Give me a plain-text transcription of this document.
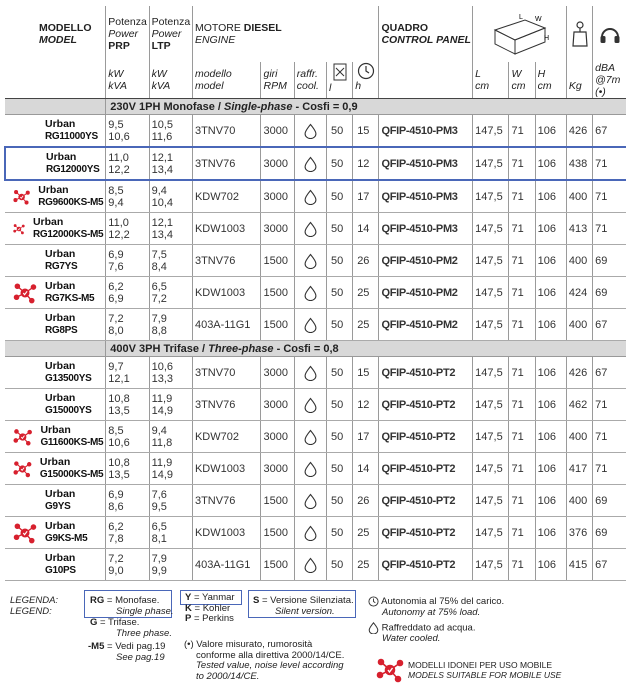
MODELLO
MODEL	Potenza
Power
PRP	Potenza
Power
LTP	MOTORE DIESEL
ENGINE					QUADRO
CONTROL PANEL	L W
H

	kW
kVA	kW
kVA	modello
model	giri
RPM	raffr.
cool.	l	h		L
cm	W
cm	H
cm	Kg	dBA
@7m
(•)
	230V 1PH Monofase / Single-phase - Cosfi = 0,9												

Urban
RG11000YS	9,5
10,6	10,5
11,6	3TNV70	3000		50	15	QFIP-4510-PM3	147,5	71	106	426	67

Urban
RG12000YS	11,0
12,2	12,1
13,4	3TNV76	3000		50	12	QFIP-4510-PM3	147,5	71	106	438	71

Urban
RG9600KS-M5	8,5
9,4	9,4
10,4	KDW702	3000		50	17	QFIP-4510-PM3	147,5	71	106	400	71

Urban
RG12000KS-M5	11,0
12,2	12,1
13,4	KDW1003	3000		50	14	QFIP-4510-PM3	147,5	71	106	413	71

Urban
RG7YS	6,9
7,6	7,5
8,4	3TNV76	1500		50	26	QFIP-4510-PM2	147,5	71	106	400	69

Urban
RG7KS-M5	6,2
6,9	6,5
7,2	KDW1003	1500		50	25	QFIP-4510-PM2	147,5	71	106	424	69

Urban
RG8PS	7,2
8,0	7,9
8,8	403A-11G1	1500		50	25	QFIP-4510-PM2	147,5	71	106	400	67
	400V 3PH Trifase / Three-phase - Cosfi = 0,8												

Urban
G13500YS	9,7
12,1	10,6
13,3	3TNV70	3000		50	15	QFIP-4510-PT2	147,5	71	106	426	67

Urban
G15000YS	10,8
13,5	11,9
14,9	3TNV76	3000		50	12	QFIP-4510-PT2	147,5	71	106	462	71

Urban
G11600KS-M5	8,5
10,6	9,4
11,8	KDW702	3000		50	17	QFIP-4510-PT2	147,5	71	106	400	71

Urban
G15000KS-M5	10,8
13,5	11,9
14,9	KDW1003	3000		50	14	QFIP-4510-PT2	147,5	71	106	417	71

Urban
G9YS	6,9
8,6	7,6
9,5	3TNV76	1500		50	26	QFIP-4510-PT2	147,5	71	106	400	69

Urban
G9KS-M5	6,2
7,8	6,5
8,1	KDW1003	1500		50	25	QFIP-4510-PT2	147,5	71	106	376	69

Urban
G10PS	7,2
9,0	7,9
9,9	403A-11G1	1500		50	25	QFIP-4510-PT2	147,5	71	106	415	67
LEGENDA:
LEGEND:
RG = Monofase.
Single phase.
G = Trifase.
Three phase.
-M5 = Vedi pag.19
See pag.19
Y = Yanmar
K = Kohler
P = Perkins
S = Versione Silenziata.
Silent version.
(•) Valore misurato, rumorosità
conforme alla direttiva 2000/14/CE.
Tested value, noise level according
to 2000/14/CE.
Autonomia al 75% del carico.
Autonomy at 75% load.
Raffreddato ad acqua.
Water cooled.
MODELLI IDONEI PER USO MOBILE
MODELS SUITABLE FOR MOBILE USE
